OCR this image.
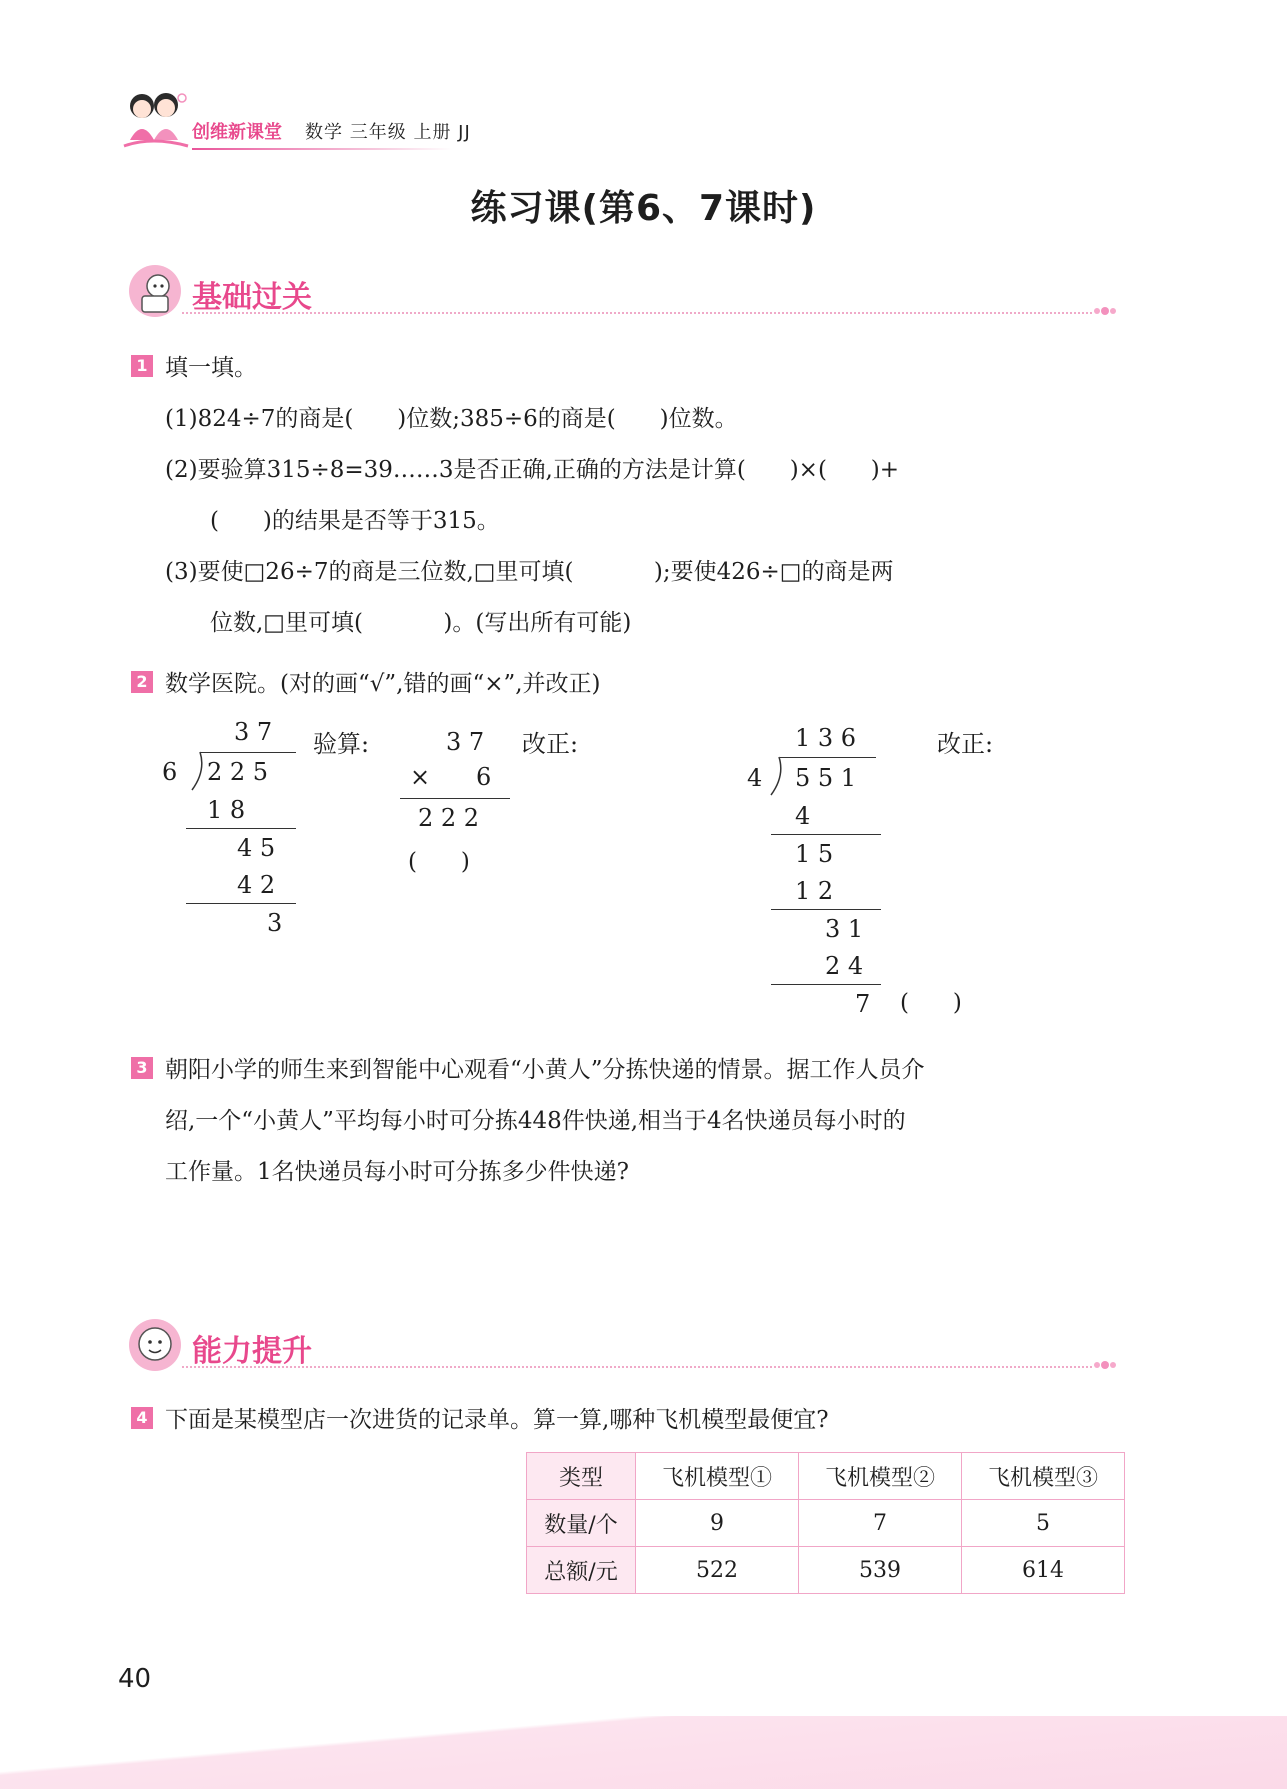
创维新课堂 数学 三年级 上册 JJ
练习课(第6、7课时)
基础过关
1 填一填。
(1)824÷7的商是(      )位数;385÷6的商是(      )位数。
(2)要验算315÷8=39……3是否正确,正确的方法是计算(      )×(      )+
(      )的结果是否等于315。
(3)要使□26÷7的商是三位数,□里可填(           );要使426÷□的商是两
位数,□里可填(           )。(写出所有可能)
2 数学医院。(对的画“√”,错的画“×”,并改正)
3 7
6 2 2 5
1 8
4 5
4 2
3
验算:	3 7
× 6
2 2 2
(      )
改正:	1 3 6
4 5 5 1
4
1 5
1 2
3 1
2 4
7 (      )
改正:
3 朝阳小学的师生来到智能中心观看“小黄人”分拣快递的情景。据工作人员介
绍,一个“小黄人”平均每小时可分拣448件快递,相当于4名快递员每小时的
工作量。1名快递员每小时可分拣多少件快递?
能力提升
4 下面是某模型店一次进货的记录单。算一算,哪种飞机模型最便宜?
类型	飞机模型①	飞机模型②	飞机模型③
数量/个	9	7	5
总额/元	522	539	614
40
